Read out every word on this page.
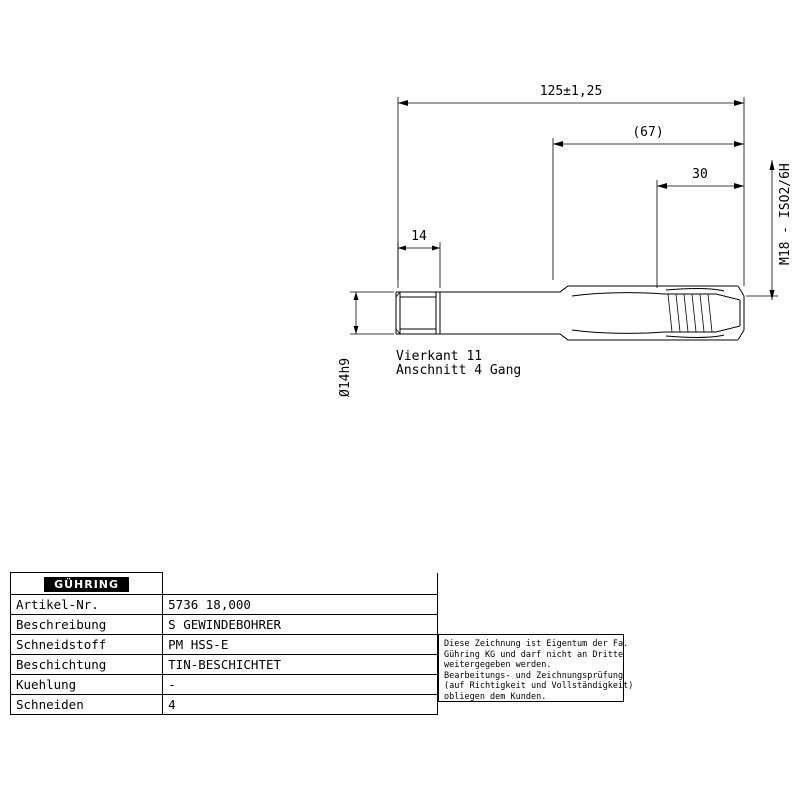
125±1,25
(67)
30
14	M18 - ISO2/6H
Ø14h9
Vierkant 11
Anschnitt 4 Gang
GÜHRING	
Artikel-Nr.	5736 18,000
Beschreibung	S GEWINDEBOHRER
Schneidstoff	PM HSS-E
Beschichtung	TIN-BESCHICHTET
Kuehlung	-
Schneiden	4
Diese Zeichnung ist Eigentum der Fa.
Gühring KG und darf nicht an Dritte
weitergegeben werden.
Bearbeitungs- und Zeichnungsprüfung
(auf Richtigkeit und Vollständigkeit)
obliegen dem Kunden.
